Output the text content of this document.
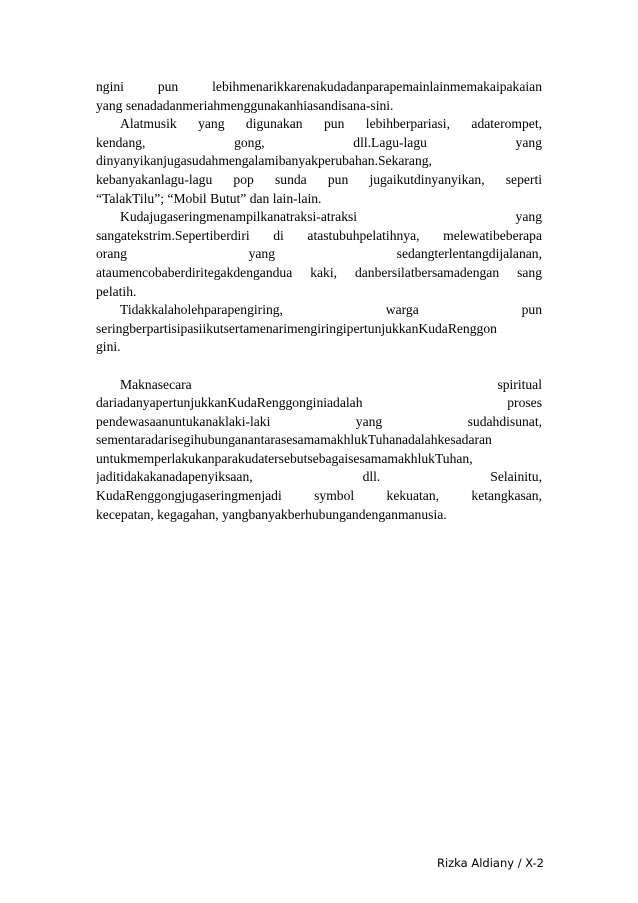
ngini pun lebihmenarikkarenakudadanparapemainlainmemakaipakaian
yang senadadanmeriahmenggunakanhiasandisana-sini.

Alatmusik yang digunakan pun lebihberpariasi, adaterompet,
kendang, gong, dll.Lagu-lagu yang
dinyanyikanjugasudahmengalamibanyakperubahan.Sekarang,
kebanyakanlagu-lagu pop sunda pun jugaikutdinyanyikan, seperti
“TalakTilu”; “Mobil Butut” dan lain-lain.

Kudajugaseringmenampilkanatraksi-atraksi yang
sangatekstrim.Sepertiberdiri di atastubuhpelatihnya, melewatibeberapa
orang yang sedangterlentangdijalanan,
ataumencobaberdiritegakdengandua kaki, danbersilatbersamadengan sang
pelatih.

Tidakkalaholehparapengiring, warga pun
seringberpartisipasiikutsertamenarimengiringipertunjukkanKudaRenggon
gini.

Maknasecara spiritual
dariadanyapertunjukkanKudaRenggonginiadalah proses
pendewasaanuntukanaklaki-laki yang sudahdisunat,
sementaradarisegihubunganantarasesamamakhlukTuhanadalahkesadaran
untukmemperlakukanparakudatersebutsebagaisesamamakhlukTuhan,
jaditidakakanadapenyiksaan, dll. Selainitu,
KudaRenggongjugaseringmenjadi symbol kekuatan, ketangkasan,
kecepatan, kegagahan, yangbanyakberhubungandenganmanusia.

Rizka Aldiany / X-2
